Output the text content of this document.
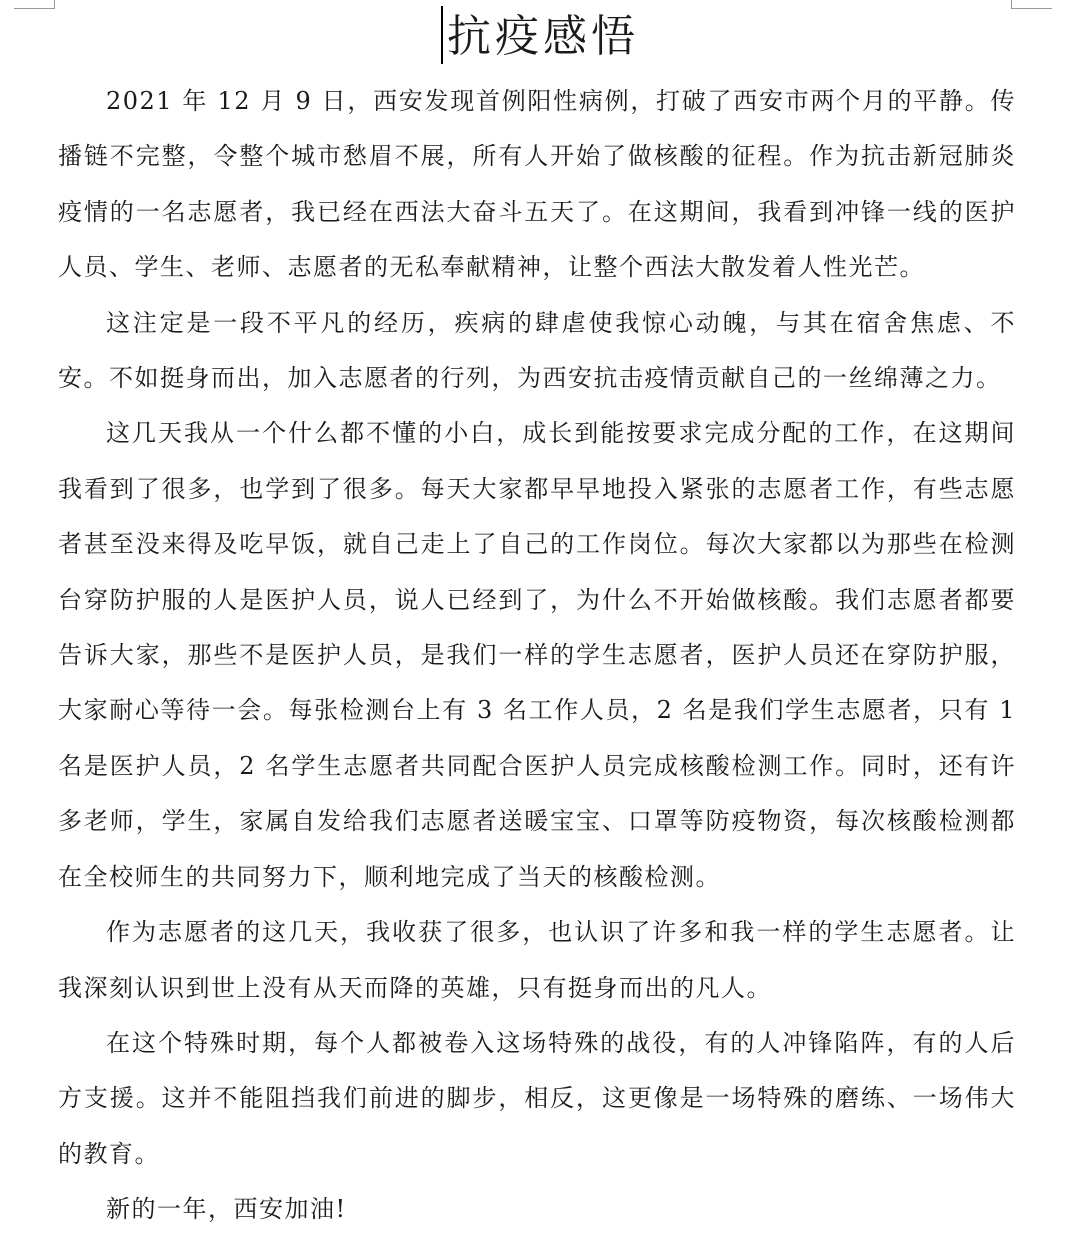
抗疫感悟

2021 年 12 月 9 日，西安发现首例阳性病例，打破了西安市两个月的平静。传播链不完整，令整个城市愁眉不展，所有人开始了做核酸的征程。作为抗击新冠肺炎疫情的一名志愿者，我已经在西法大奋斗五天了。在这期间，我看到冲锋一线的医护人员、学生、老师、志愿者的无私奉献精神，让整个西法大散发着人性光芒。

这注定是一段不平凡的经历，疾病的肆虐使我惊心动魄，与其在宿舍焦虑、不安。不如挺身而出，加入志愿者的行列，为西安抗击疫情贡献自己的一丝绵薄之力。

这几天我从一个什么都不懂的小白，成长到能按要求完成分配的工作，在这期间我看到了很多，也学到了很多。每天大家都早早地投入紧张的志愿者工作，有些志愿者甚至没来得及吃早饭，就自己走上了自己的工作岗位。每次大家都以为那些在检测台穿防护服的人是医护人员，说人已经到了，为什么不开始做核酸。我们志愿者都要告诉大家，那些不是医护人员，是我们一样的学生志愿者，医护人员还在穿防护服，大家耐心等待一会。每张检测台上有 3 名工作人员，2 名是我们学生志愿者，只有 1 名是医护人员，2 名学生志愿者共同配合医护人员完成核酸检测工作。同时，还有许多老师，学生，家属自发给我们志愿者送暖宝宝、口罩等防疫物资，每次核酸检测都在全校师生的共同努力下，顺利地完成了当天的核酸检测。

作为志愿者的这几天，我收获了很多，也认识了许多和我一样的学生志愿者。让我深刻认识到世上没有从天而降的英雄，只有挺身而出的凡人。

在这个特殊时期，每个人都被卷入这场特殊的战役，有的人冲锋陷阵，有的人后方支援。这并不能阻挡我们前进的脚步，相反，这更像是一场特殊的磨练、一场伟大的教育。

新的一年，西安加油!
